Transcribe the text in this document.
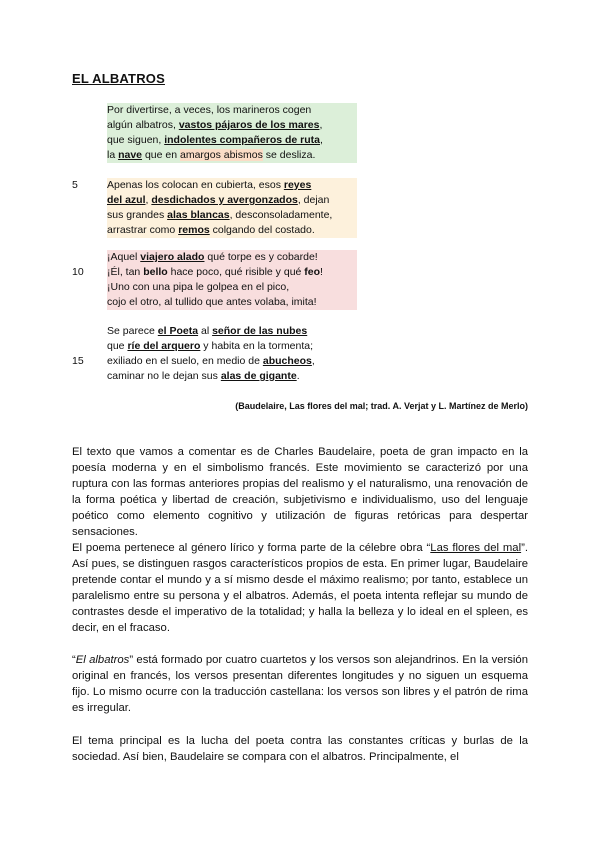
EL ALBATROS
Por divertirse, a veces, los marineros cogen
algún albatros, vastos pájaros de los mares,
que siguen, indolentes compañeros de ruta,
la nave que en amargos abismos se desliza.
5	Apenas los colocan en cubierta, esos reyes
del azul, desdichados y avergonzados, dejan
sus grandes alas blancas, desconsoladamente,
arrastrar como remos colgando del costado.
¡Aquel viajero alado qué torpe es y cobarde!
10 ¡Él, tan bello hace poco, qué risible y qué feo!
¡Uno con una pipa le golpea en el pico,
cojo el otro, al tullido que antes volaba, imita!
Se parece el Poeta al señor de las nubes
que ríe del arquero y habita en la tormenta;
15 exiliado en el suelo, en medio de abucheos,
caminar no le dejan sus alas de gigante.

(Baudelaire, Las flores del mal; trad. A. Verjat y L. Martínez de Merlo)

El texto que vamos a comentar es de Charles Baudelaire, poeta de gran impacto en la poesía moderna y en el simbolismo francés. Este movimiento se caracterizó por una ruptura con las formas anteriores propias del realismo y el naturalismo, una renovación de la forma poética y libertad de creación, subjetivismo e individualismo, uso del lenguaje poético como elemento cognitivo y utilización de figuras retóricas para despertar sensaciones.

El poema pertenece al género lírico y forma parte de la célebre obra “Las flores del mal”. Así pues, se distinguen rasgos característicos propios de esta. En primer lugar, Baudelaire pretende contar el mundo y a sí mismo desde el máximo realismo; por tanto, establece un paralelismo entre su persona y el albatros. Además, el poeta intenta reflejar su mundo de contrastes desde el imperativo de la totalidad; y halla la belleza y lo ideal en el spleen, es decir, en el fracaso.

“El albatros” está formado por cuatro cuartetos y los versos son alejandrinos. En la versión original en francés, los versos presentan diferentes longitudes y no siguen un esquema fijo. Lo mismo ocurre con la traducción castellana: los versos son libres y el patrón de rima es irregular.

El tema principal es la lucha del poeta contra las constantes críticas y burlas de la sociedad. Así bien, Baudelaire se compara con el albatros. Principalmente, el
